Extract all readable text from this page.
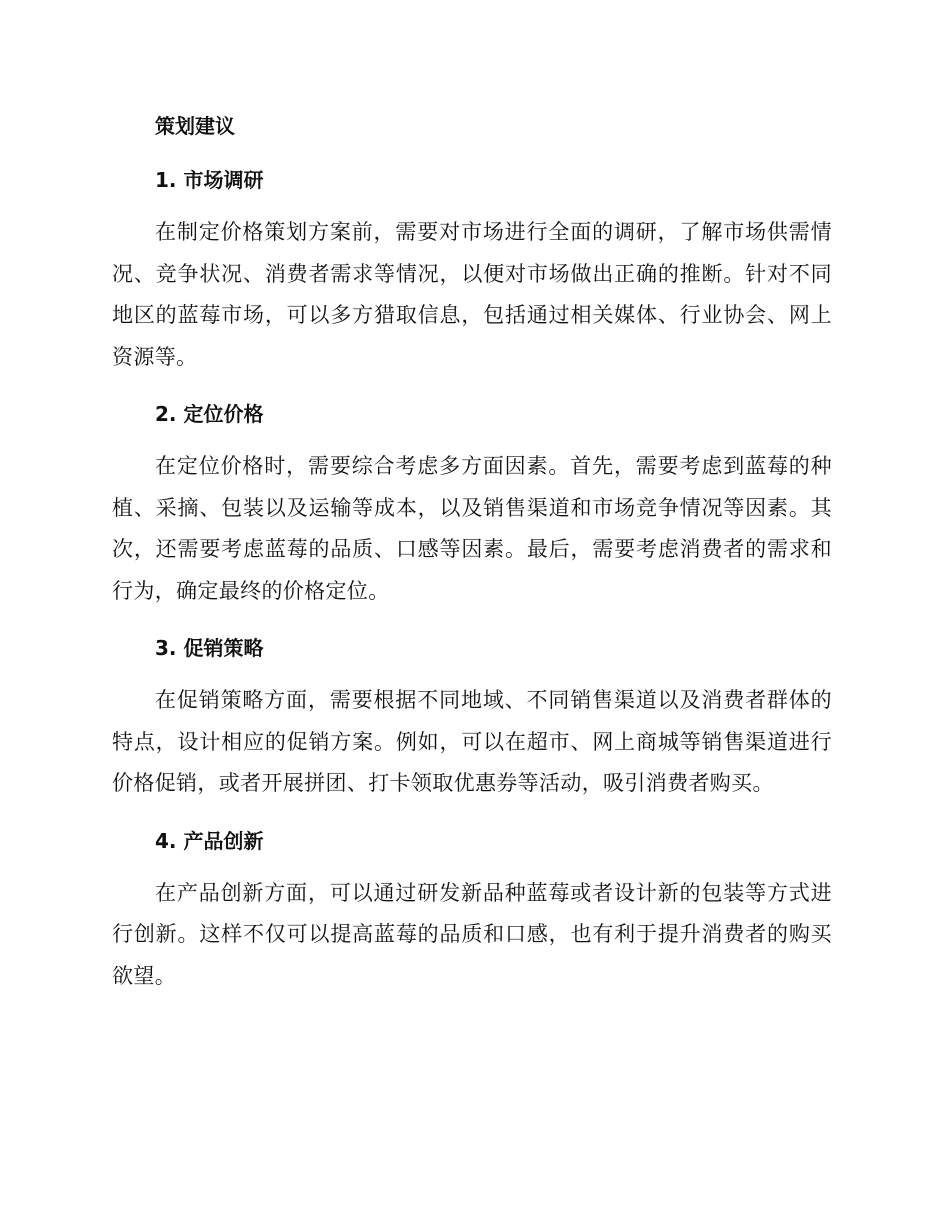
策划建议
1. 市场调研

在制定价格策划方案前，需要对市场进行全面的调研，了解市场供需情况、竞争状况、消费者需求等情况，以便对市场做出正确的推断。针对不同地区的蓝莓市场，可以多方猎取信息，包括通过相关媒体、行业协会、网上资源等。

2. 定位价格

在定位价格时，需要综合考虑多方面因素。首先，需要考虑到蓝莓的种植、采摘、包装以及运输等成本，以及销售渠道和市场竞争情况等因素。其次，还需要考虑蓝莓的品质、口感等因素。最后，需要考虑消费者的需求和行为，确定最终的价格定位。

3. 促销策略

在促销策略方面，需要根据不同地域、不同销售渠道以及消费者群体的特点，设计相应的促销方案。例如，可以在超市、网上商城等销售渠道进行价格促销，或者开展拼团、打卡领取优惠券等活动，吸引消费者购买。

4. 产品创新

在产品创新方面，可以通过研发新品种蓝莓或者设计新的包装等方式进行创新。这样不仅可以提高蓝莓的品质和口感，也有利于提升消费者的购买欲望。
